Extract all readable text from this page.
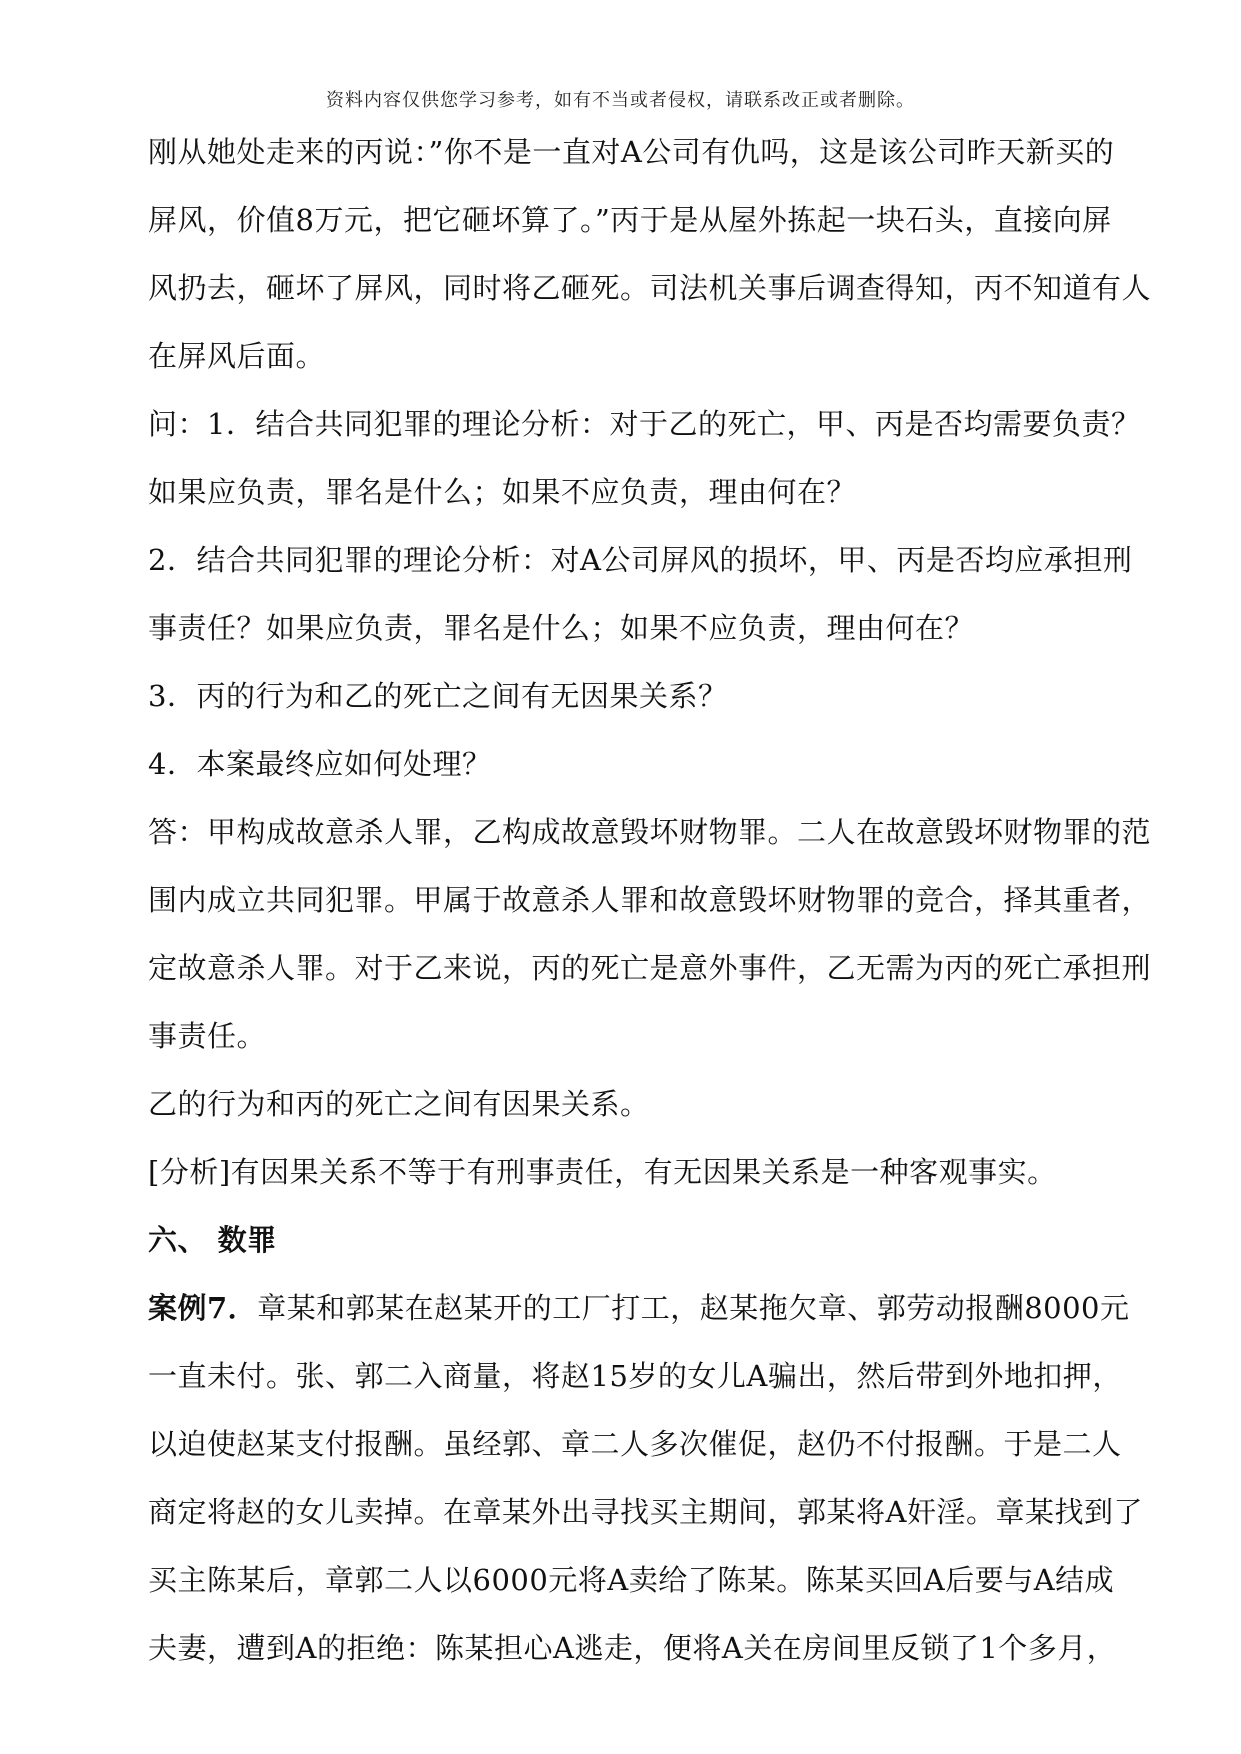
资料内容仅供您学习参考，如有不当或者侵权，请联系改正或者删除。
刚从她处走来的丙说：”你不是一直对A公司有仇吗，这是该公司昨天新买的
屏风，价值8万元，把它砸坏算了。”丙于是从屋外拣起一块石头，直接向屏
风扔去，砸坏了屏风，同时将乙砸死。司法机关事后调查得知，丙不知道有人
在屏风后面。
问：1．结合共同犯罪的理论分析：对于乙的死亡，甲、丙是否均需要负责？
如果应负责，罪名是什么；如果不应负责，理由何在？
2．结合共同犯罪的理论分析：对A公司屏风的损坏，甲、丙是否均应承担刑
事责任？如果应负责，罪名是什么；如果不应负责，理由何在？
3．丙的行为和乙的死亡之间有无因果关系？
4．本案最终应如何处理？
答：甲构成故意杀人罪，乙构成故意毁坏财物罪。二人在故意毁坏财物罪的范
围内成立共同犯罪。甲属于故意杀人罪和故意毁坏财物罪的竞合，择其重者，
定故意杀人罪。对于乙来说，丙的死亡是意外事件，乙无需为丙的死亡承担刑
事责任。
乙的行为和丙的死亡之间有因果关系。
[分析]有因果关系不等于有刑事责任，有无因果关系是一种客观事实。
六、 数罪
案例7．章某和郭某在赵某开的工厂打工，赵某拖欠章、郭劳动报酬8000元
一直未付。张、郭二入商量，将赵15岁的女儿A骗出，然后带到外地扣押，
以迫使赵某支付报酬。虽经郭、章二人多次催促，赵仍不付报酬。于是二人
商定将赵的女儿卖掉。在章某外出寻找买主期间，郭某将A奸淫。章某找到了
买主陈某后，章郭二人以6000元将A卖给了陈某。陈某买回A后要与A结成
夫妻，遭到A的拒绝：陈某担心A逃走，便将A关在房间里反锁了1个多月，
